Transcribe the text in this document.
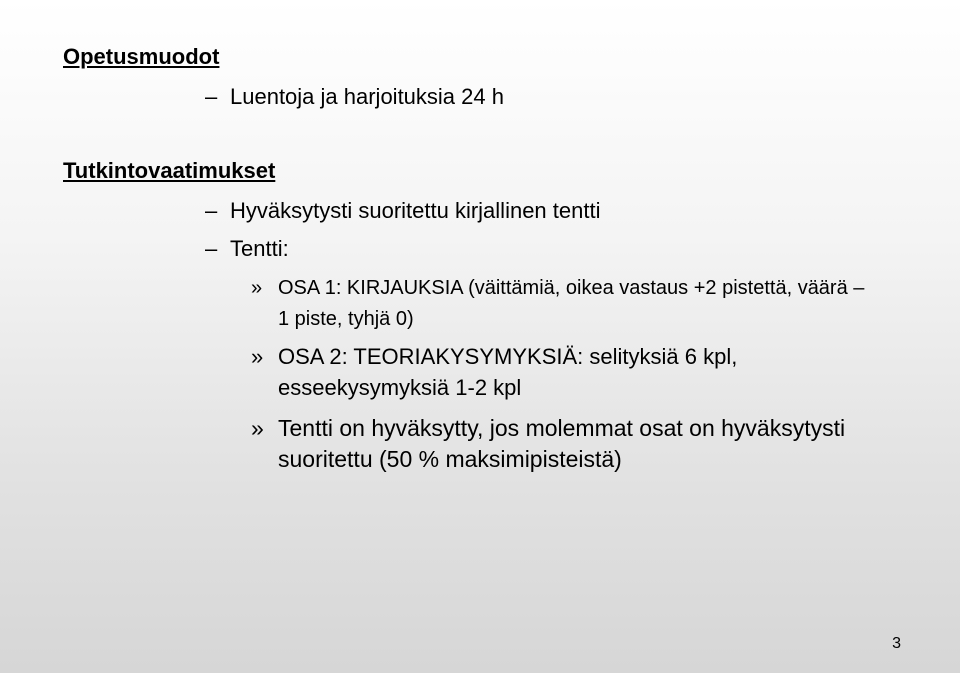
Opetusmuodot
– Luentoja ja harjoituksia 24 h
Tutkintovaatimukset
– Hyväksytysti suoritettu kirjallinen tentti
– Tentti:
» OSA 1: KIRJAUKSIA (väittämiä, oikea vastaus +2 pistettä, väärä –1 piste, tyhjä 0)
» OSA 2: TEORIAKYSYMYKSIÄ: selityksiä 6 kpl, esseekysymyksiä 1-2 kpl
» Tentti on hyväksytty, jos molemmat osat on hyväksytysti suoritettu (50 % maksimipisteistä)
3
